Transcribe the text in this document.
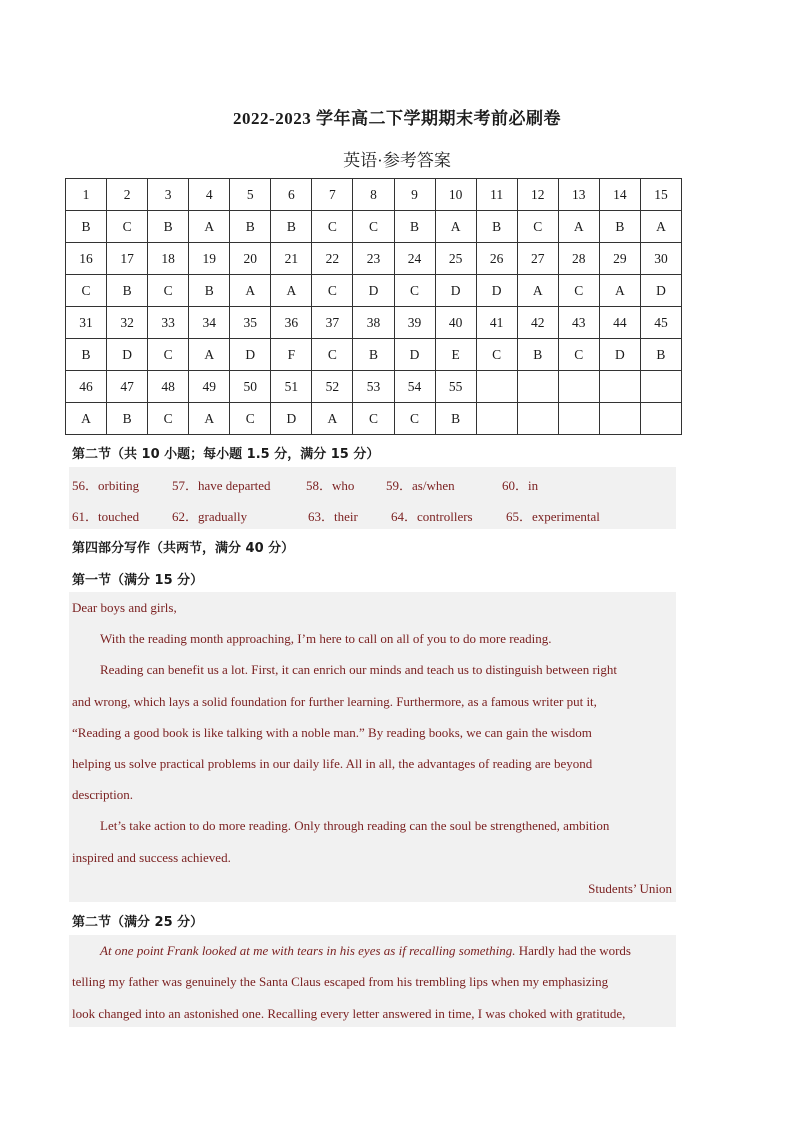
2022-2023 学年高二下学期期末考前必刷卷
英语·参考答案
1	2	3	4	5	6	7	8	9	10	11	12	13	14	15
B	C	B	A	B	B	C	C	B	A	B	C	A	B	A
16	17	18	19	20	21	22	23	24	25	26	27	28	29	30
C	B	C	B	A	A	C	D	C	D	D	A	C	A	D
31	32	33	34	35	36	37	38	39	40	41	42	43	44	45
B	D	C	A	D	F	C	B	D	E	C	B	C	D	B
46	47	48	49	50	51	52	53	54	55					
A	B	C	A	C	D	A	C	C	B					
第二节（共 10 小题；每小题 1.5 分，满分 15 分）
56．orbiting	57．have departed	58．who 59．as/when	60．in
61．touched	62．gradually	63．their	64．controllers	65．experimental
第四部分写作（共两节，满分 40 分）
第一节（满分 15 分）

Dear boys and girls,

With the reading month approaching, I’m here to call on all of you to do more reading.

Reading can benefit us a lot. First, it can enrich our minds and teach us to distinguish between right

and wrong, which lays a solid foundation for further learning. Furthermore, as a famous writer put it,

“Reading a good book is like talking with a noble man.” By reading books, we can gain the wisdom

helping us solve practical problems in our daily life. All in all, the advantages of reading are beyond

description.

Let’s take action to do more reading. Only through reading can the soul be strengthened, ambition

inspired and success achieved.

Students’ Union

第二节（满分 25 分）

At one point Frank looked at me with tears in his eyes as if recalling something. Hardly had the words

telling my father was genuinely the Santa Claus escaped from his trembling lips when my emphasizing

look changed into an astonished one. Recalling every letter answered in time, I was choked with gratitude,
